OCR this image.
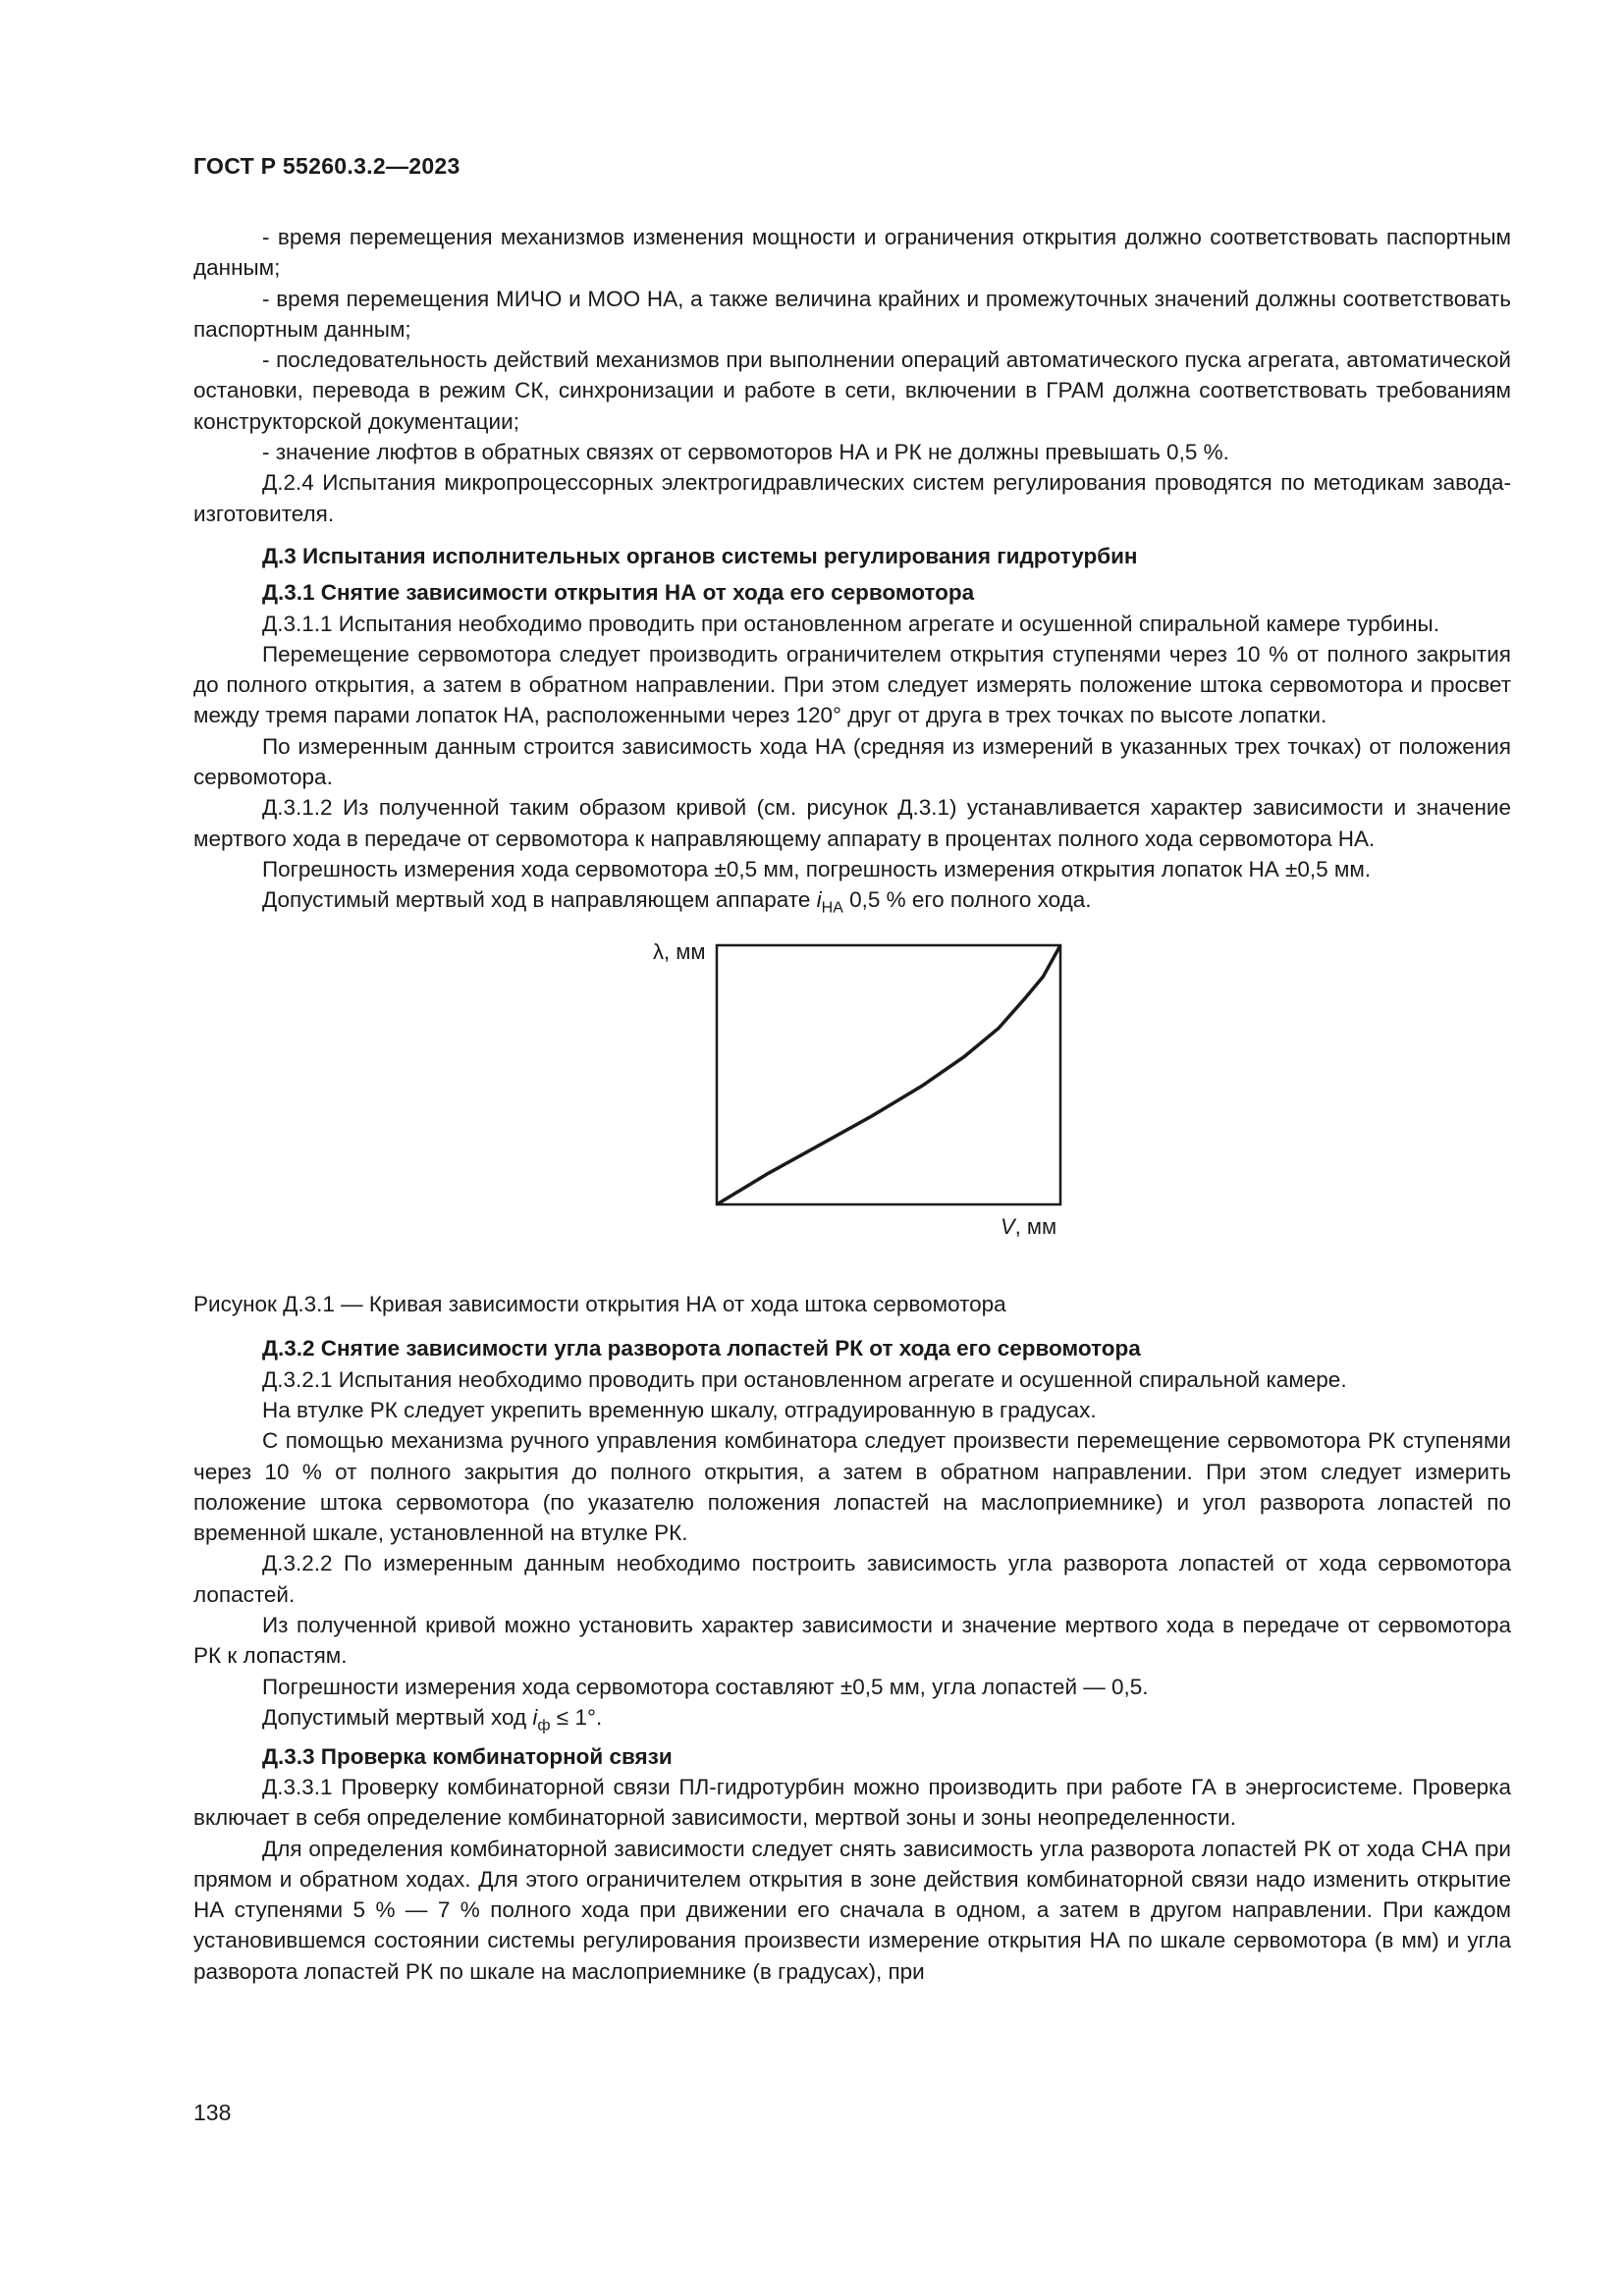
ГОСТ Р 55260.3.2—2023

- время перемещения механизмов изменения мощности и ограничения открытия должно соответствовать паспортным данным;

- время перемещения МИЧО и МОО НА, а также величина крайних и промежуточных значений должны соответствовать паспортным данным;

- последовательность действий механизмов при выполнении операций автоматического пуска агрегата, автоматической остановки, перевода в режим СК, синхронизации и работе в сети, включении в ГРАМ должна соответствовать требованиям конструкторской документации;

- значение люфтов в обратных связях от сервомоторов НА и РК не должны превышать 0,5 %.

Д.2.4 Испытания микропроцессорных электрогидравлических систем регулирования проводятся по методикам завода-изготовителя.

Д.3 Испытания исполнительных органов системы регулирования гидротурбин
Д.3.1 Снятие зависимости открытия НА от хода его сервомотора

Д.3.1.1 Испытания необходимо проводить при остановленном агрегате и осушенной спиральной камере турбины.

Перемещение сервомотора следует производить ограничителем открытия ступенями через 10 % от полного закрытия до полного открытия, а затем в обратном направлении. При этом следует измерять положение штока сервомотора и просвет между тремя парами лопаток НА, расположенными через 120° друг от друга в трех точках по высоте лопатки.

По измеренным данным строится зависимость хода НА (средняя из измерений в указанных трех точках) от положения сервомотора.

Д.3.1.2 Из полученной таким образом кривой (см. рисунок Д.3.1) устанавливается характер зависимости и значение мертвого хода в передаче от сервомотора к направляющему аппарату в процентах полного хода сервомотора НА.

Погрешность измерения хода сервомотора ±0,5 мм, погрешность измерения открытия лопаток НА ±0,5 мм.

Допустимый мертвый ход в направляющем аппарате $i_{НА}$ 0,5 % его полного хода.

λ, мм
V, мм

Рисунок Д.3.1 — Кривая зависимости открытия НА от хода штока сервомотора

Д.3.2 Снятие зависимости угла разворота лопастей РК от хода его сервомотора

Д.3.2.1 Испытания необходимо проводить при остановленном агрегате и осушенной спиральной камере.

На втулке РК следует укрепить временную шкалу, отградуированную в градусах.

С помощью механизма ручного управления комбинатора следует произвести перемещение сервомотора РК ступенями через 10 % от полного закрытия до полного открытия, а затем в обратном направлении. При этом следует измерить положение штока сервомотора (по указателю положения лопастей на маслоприемнике) и угол разворота лопастей по временной шкале, установленной на втулке РК.

Д.3.2.2 По измеренным данным необходимо построить зависимость угла разворота лопастей от хода сервомотора лопастей.

Из полученной кривой можно установить характер зависимости и значение мертвого хода в передаче от сервомотора РК к лопастям.

Погрешности измерения хода сервомотора составляют ±0,5 мм, угла лопастей — 0,5.

Допустимый мертвый ход $i_ф \le 1^\circ$.

Д.3.3 Проверка комбинаторной связи

Д.3.3.1 Проверку комбинаторной связи ПЛ-гидротурбин можно производить при работе ГА в энергосистеме. Проверка включает в себя определение комбинаторной зависимости, мертвой зоны и зоны неопределенности.

Для определения комбинаторной зависимости следует снять зависимость угла разворота лопастей РК от хода СНА при прямом и обратном ходах. Для этого ограничителем открытия в зоне действия комбинаторной связи надо изменить открытие НА ступенями 5 % — 7 % полного хода при движении его сначала в одном, а затем в другом направлении. При каждом установившемся состоянии системы регулирования произвести измерение открытия НА по шкале сервомотора (в мм) и угла разворота лопастей РК по шкале на маслоприемнике (в градусах), при

138
